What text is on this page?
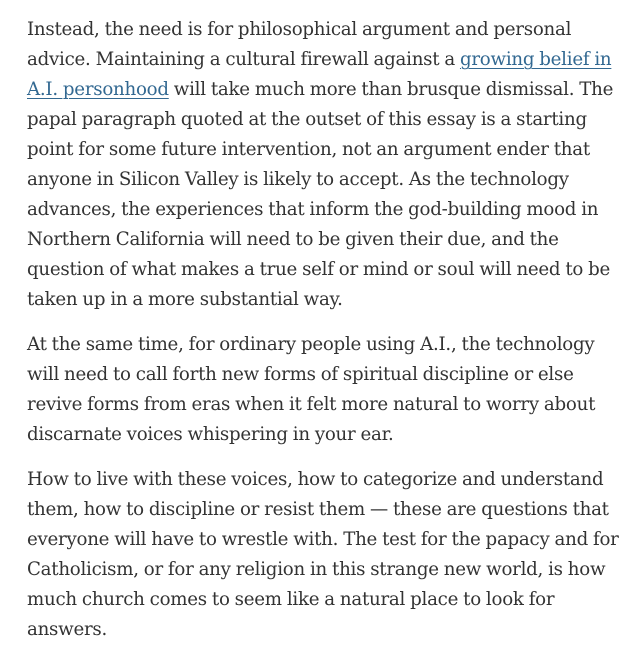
Instead, the need is for philosophical argument and personal
advice. Maintaining a cultural firewall against a growing belief in
A.I. personhood will take much more than brusque dismissal. The
papal paragraph quoted at the outset of this essay is a starting
point for some future intervention, not an argument ender that
anyone in Silicon Valley is likely to accept. As the technology
advances, the experiences that inform the god-building mood in
Northern California will need to be given their due, and the
question of what makes a true self or mind or soul will need to be
taken up in a more substantial way.

At the same time, for ordinary people using A.I., the technology
will need to call forth new forms of spiritual discipline or else
revive forms from eras when it felt more natural to worry about
discarnate voices whispering in your ear.

How to live with these voices, how to categorize and understand
them, how to discipline or resist them — these are questions that
everyone will have to wrestle with. The test for the papacy and for
Catholicism, or for any religion in this strange new world, is how
much church comes to seem like a natural place to look for
answers.
